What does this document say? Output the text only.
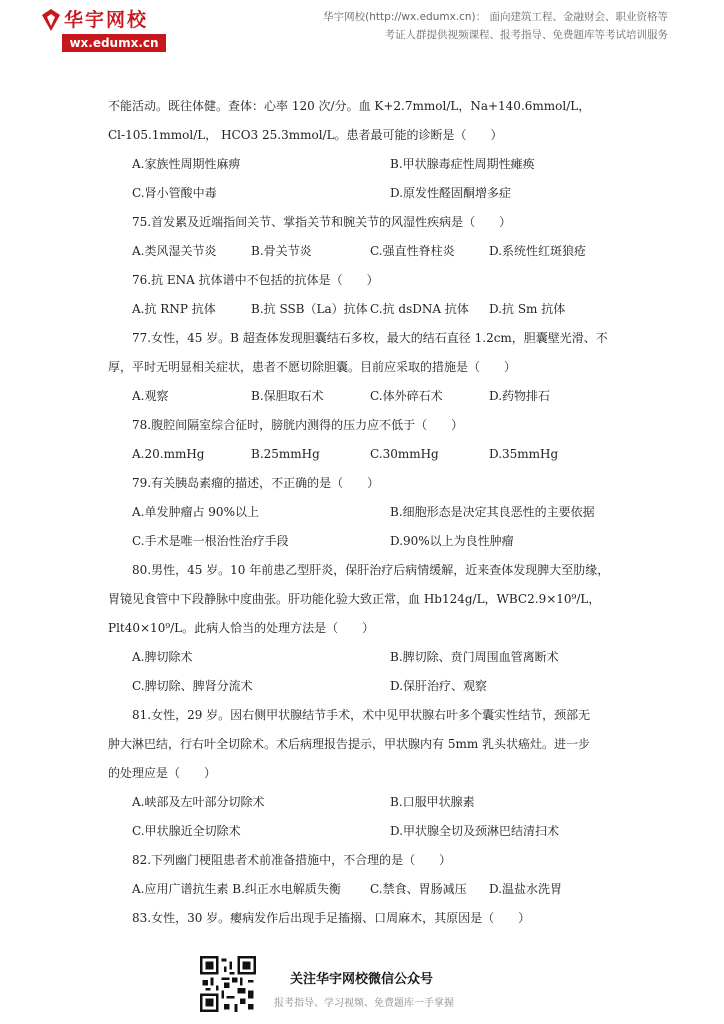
华宇网校
wx.edumx.cn
华宇网校(http://wx.edumx.cn)： 面向建筑工程、金融财会、职业资格等
考证人群提供视频课程、报考指导、免费题库等考试培训服务
不能活动。既往体健。查体：心率 120 次/分。血 K+2.7mmol/L，Na+140.6mmol/L，
Cl-105.1mmol/L， HCO3 25.3mmol/L。患者最可能的诊断是（　　）
A.家族性周期性麻痹	B.甲状腺毒症性周期性瘫痪
C.肾小管酸中毒	D.原发性醛固酮增多症
75.首发累及近端指间关节、掌指关节和腕关节的风湿性疾病是（　　）
A.类风湿关节炎	B.骨关节炎	C.强直性脊柱炎	D.系统性红斑狼疮
76.抗 ENA 抗体谱中不包括的抗体是（　　）
A.抗 RNP 抗体	B.抗 SSB（La）抗体 C.抗 dsDNA 抗体	D.抗 Sm 抗体
77.女性，45 岁。B 超查体发现胆囊结石多枚，最大的结石直径 1.2cm，胆囊壁光滑、不
厚，平时无明显相关症状，患者不愿切除胆囊。目前应采取的措施是（　　）
A.观察	B.保胆取石术	C.体外碎石术	D.药物排石
78.腹腔间隔室综合征时，膀胱内测得的压力应不低于（　　）
A.20.mmHg	B.25mmHg	C.30mmHg	D.35mmHg
79.有关胰岛素瘤的描述，不正确的是（　　）
A.单发肿瘤占 90%以上	B.细胞形态是决定其良恶性的主要依据
C.手术是唯一根治性治疗手段	D.90%以上为良性肿瘤
80.男性，45 岁。10 年前患乙型肝炎，保肝治疗后病情缓解，近来查体发现脾大至肋缘，
胃镜见食管中下段静脉中度曲张。肝功能化验大致正常，血 Hb124g/L，WBC2.9×10⁹/L，
Plt40×10⁹/L。此病人恰当的处理方法是（　　）
A.脾切除术	B.脾切除、贲门周围血管离断术
C.脾切除、脾肾分流术	D.保肝治疗、观察
81.女性，29 岁。因右侧甲状腺结节手术，术中见甲状腺右叶多个囊实性结节，颈部无
肿大淋巴结，行右叶全切除术。术后病理报告提示，甲状腺内有 5mm 乳头状癌灶。进一步
的处理应是（　　）
A.峡部及左叶部分切除术	B.口服甲状腺素
C.甲状腺近全切除术	D.甲状腺全切及颈淋巴结清扫术
82.下列幽门梗阻患者术前准备措施中，不合理的是（　　）
A.应用广谱抗生素 B.纠正水电解质失衡	C.禁食、胃肠减压	D.温盐水洗胃
83.女性，30 岁。瘿病发作后出现手足搐搦、口周麻木，其原因是（　　）
关注华宇网校微信公众号
报考指导、学习视频、免费题库一手掌握
